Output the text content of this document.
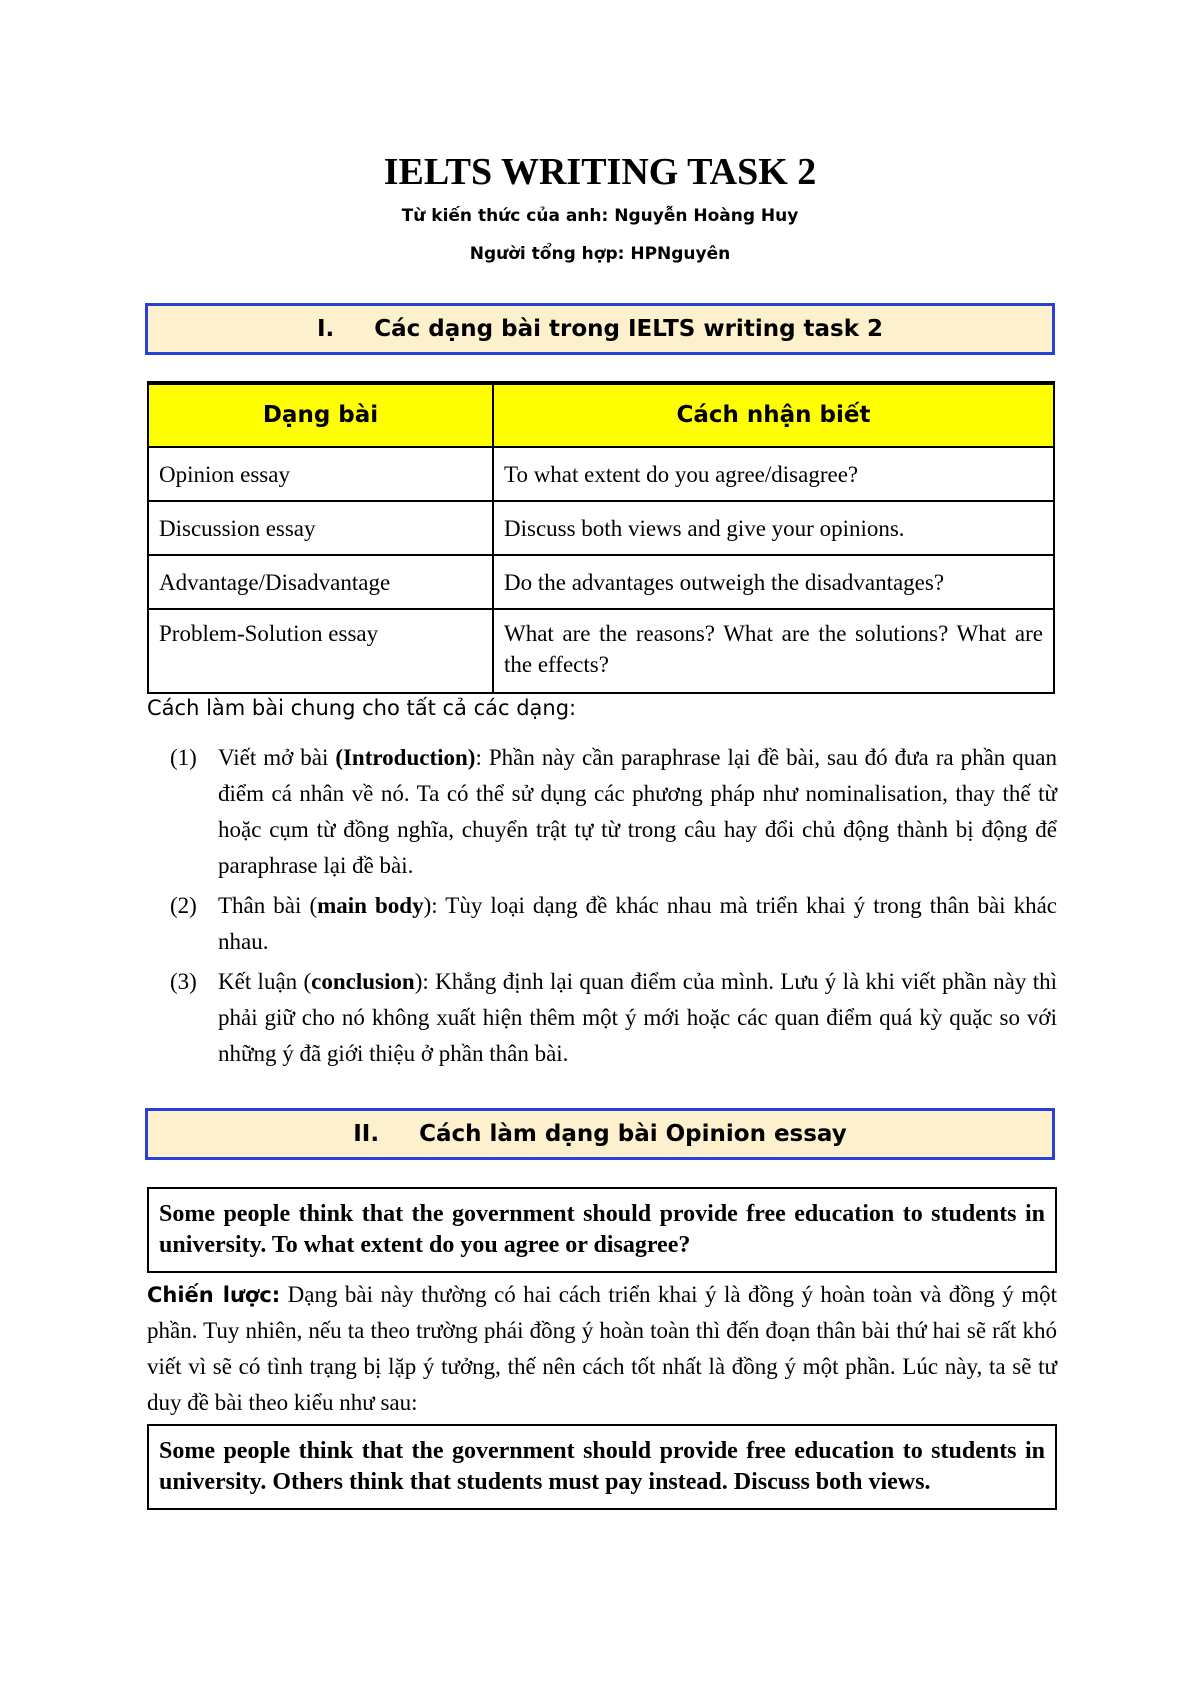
IELTS WRITING TASK 2
Từ kiến thức của anh: Nguyễn Hoàng Huy
Người tổng hợp: HPNguyên
I. Các dạng bài trong IELTS writing task 2
Dạng bài	Cách nhận biết
Opinion essay	To what extent do you agree/disagree?
Discussion essay	Discuss both views and give your opinions.
Advantage/Disadvantage	Do the advantages outweigh the disadvantages?
Problem-Solution essay	What are the reasons? What are the solutions? What are the effects?
Cách làm bài chung cho tất cả các dạng:
(1) Viết mở bài (Introduction): Phần này cần paraphrase lại đề bài, sau đó đưa ra phần quan điểm cá nhân về nó. Ta có thể sử dụng các phương pháp như nominalisation, thay thế từ hoặc cụm từ đồng nghĩa, chuyển trật tự từ trong câu hay đổi chủ động thành bị động để paraphrase lại đề bài.
(2) Thân bài (main body): Tùy loại dạng đề khác nhau mà triển khai ý trong thân bài khác nhau.
(3) Kết luận (conclusion): Khẳng định lại quan điểm của mình. Lưu ý là khi viết phần này thì phải giữ cho nó không xuất hiện thêm một ý mới hoặc các quan điểm quá kỳ quặc so với những ý đã giới thiệu ở phần thân bài.
II. Cách làm dạng bài Opinion essay
Some people think that the government should provide free education to students in university. To what extent do you agree or disagree?
Chiến lược: Dạng bài này thường có hai cách triển khai ý là đồng ý hoàn toàn và đồng ý một phần. Tuy nhiên, nếu ta theo trường phái đồng ý hoàn toàn thì đến đoạn thân bài thứ hai sẽ rất khó viết vì sẽ có tình trạng bị lặp ý tưởng, thế nên cách tốt nhất là đồng ý một phần. Lúc này, ta sẽ tư duy đề bài theo kiểu như sau:
Some people think that the government should provide free education to students in university. Others think that students must pay instead. Discuss both views.
